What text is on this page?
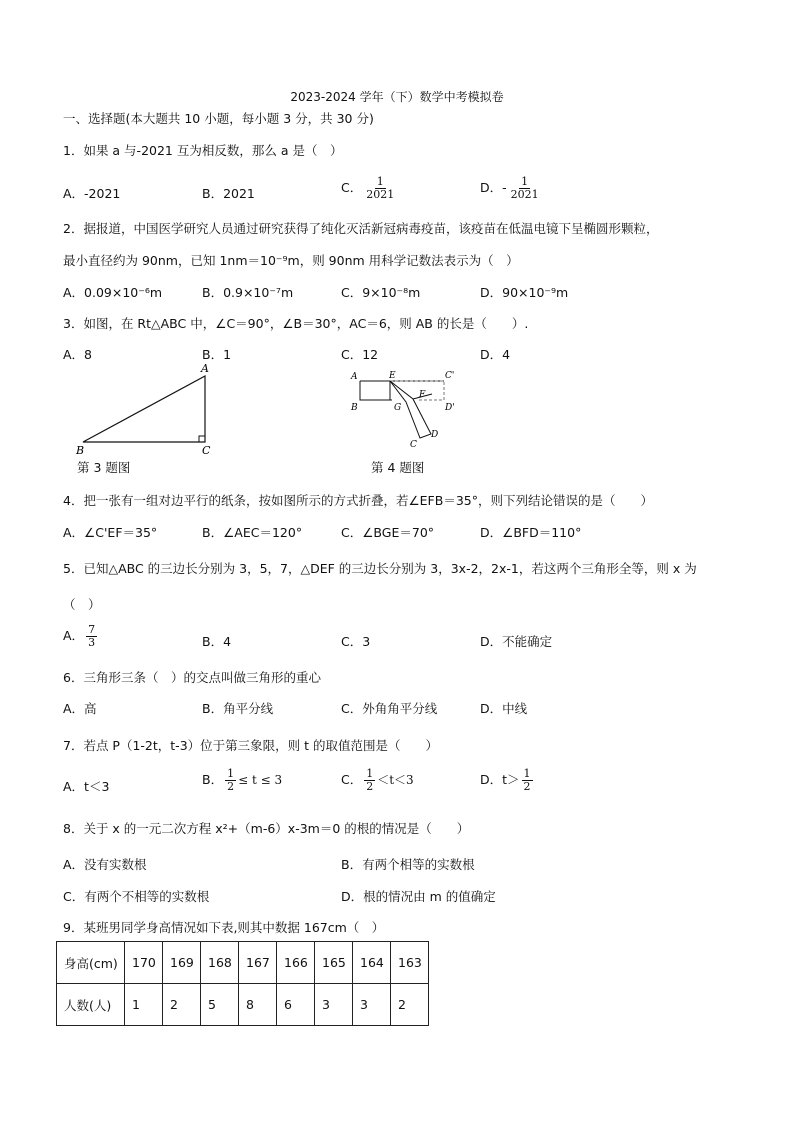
2023-2024 学年（下）数学中考模拟卷
一、选择题(本大题共 10 小题，每小题 3 分，共 30 分)
1．如果 a 与-2021 互为相反数，那么 a 是（　）
A．-2021	B．2021	C． $\frac{1}{2021}$	D．- $\frac{1}{2021}$
2．据报道，中国医学研究人员通过研究获得了纯化灭活新冠病毒疫苗，该疫苗在低温电镜下呈椭圆形颗粒，
最小直径约为 90nm，已知 1nm＝10⁻⁹m，则 90nm 用科学记数法表示为（　）
A．0.09×10⁻⁶m	B．0.9×10⁻⁷m	C．9×10⁻⁸m	D．90×10⁻⁹m
3．如图，在 Rt△ABC 中，∠C＝90°，∠B＝30°，AC＝6，则 AB 的长是（　　）.
A．8	B．1	C．12	D．4
A
B	C
第 3 题图
A
B
E	C'
G
F
D'
C
D
第 4 题图
4．把一张有一组对边平行的纸条，按如图所示的方式折叠，若∠EFB＝35°，则下列结论错误的是（　　）
A．∠C'EF＝35°	B．∠AEC＝120°	C．∠BGE＝70°	D．∠BFD＝110°
5．已知△ABC 的三边长分别为 3，5，7，△DEF 的三边长分别为 3，3x-2，2x-1，若这两个三角形全等，则 x 为
（　）
A． $\frac{7}{3}$	B．4	C．3	D．不能确定
6．三角形三条（　）的交点叫做三角形的重心
A．高	B．角平分线	C．外角角平分线	D．中线
7．若点 P（1-2t，t-3）位于第三象限，则 t 的取值范围是（　　）
A．t＜3	B． $\frac{1}{2} \le t \le 3$	C． $\frac{1}{2} <t<3$	D．$t> \frac{1}{2}$
8．关于 x 的一元二次方程 x²+（m-6）x-3m＝0 的根的情况是（　　）
A．没有实数根	B．有两个相等的实数根
C．有两个不相等的实数根	D．根的情况由 m 的值确定
9．某班男同学身高情况如下表,则其中数据 167cm（　）
身高(cm)	170	169	168	167	166	165	164	163
人数(人)	1	2	5	8	6	3	3	2
